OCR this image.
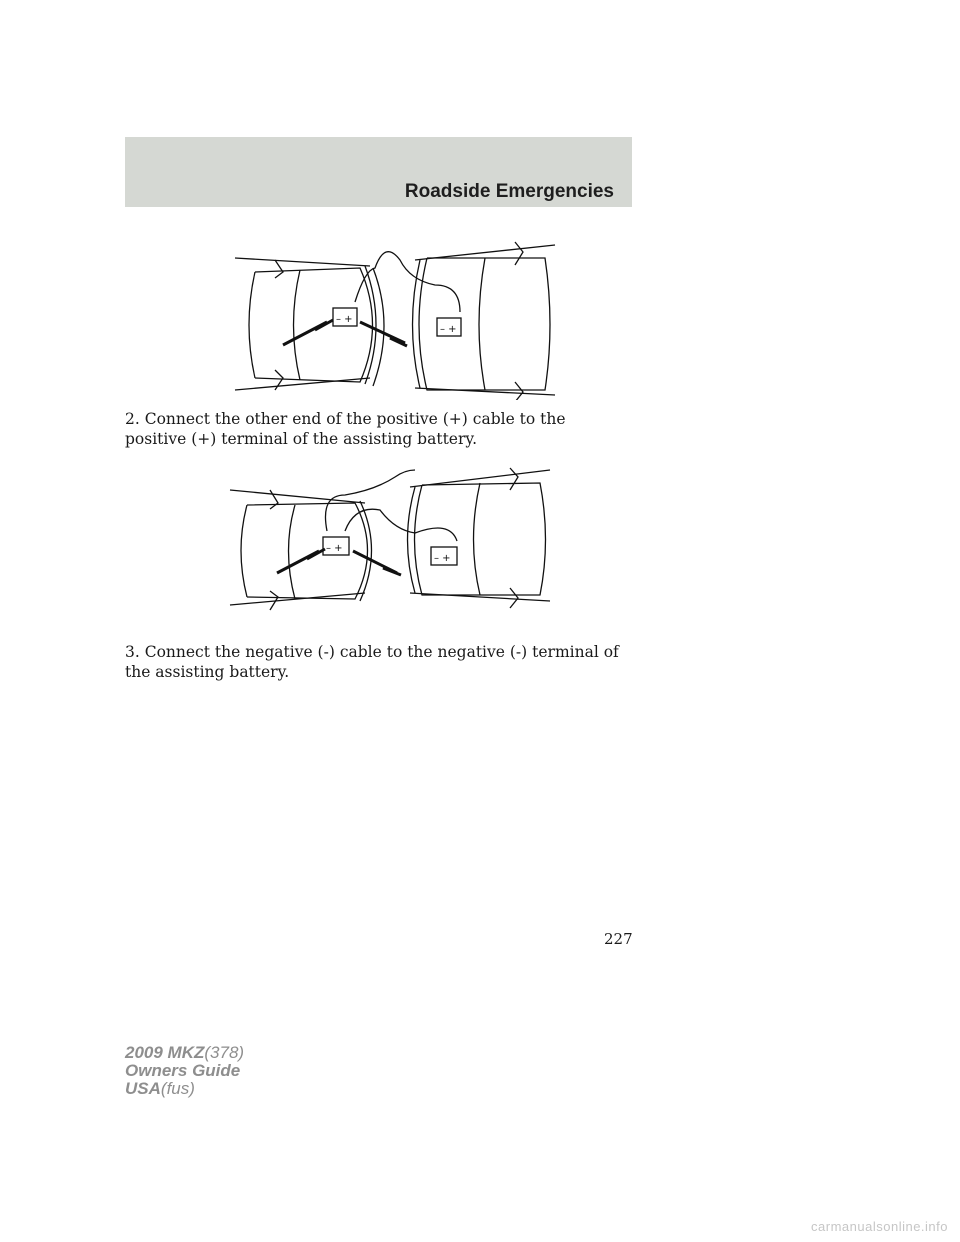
Roadside Emergencies
– +
– +
2. Connect the other end of the positive (+) cable to the positive (+) terminal of the assisting battery.
– +
– +
3. Connect the negative (-) cable to the negative (-) terminal of the assisting battery.
227
2009 MKZ(378)
Owners Guide
USA(fus)
carmanualsonline.info
